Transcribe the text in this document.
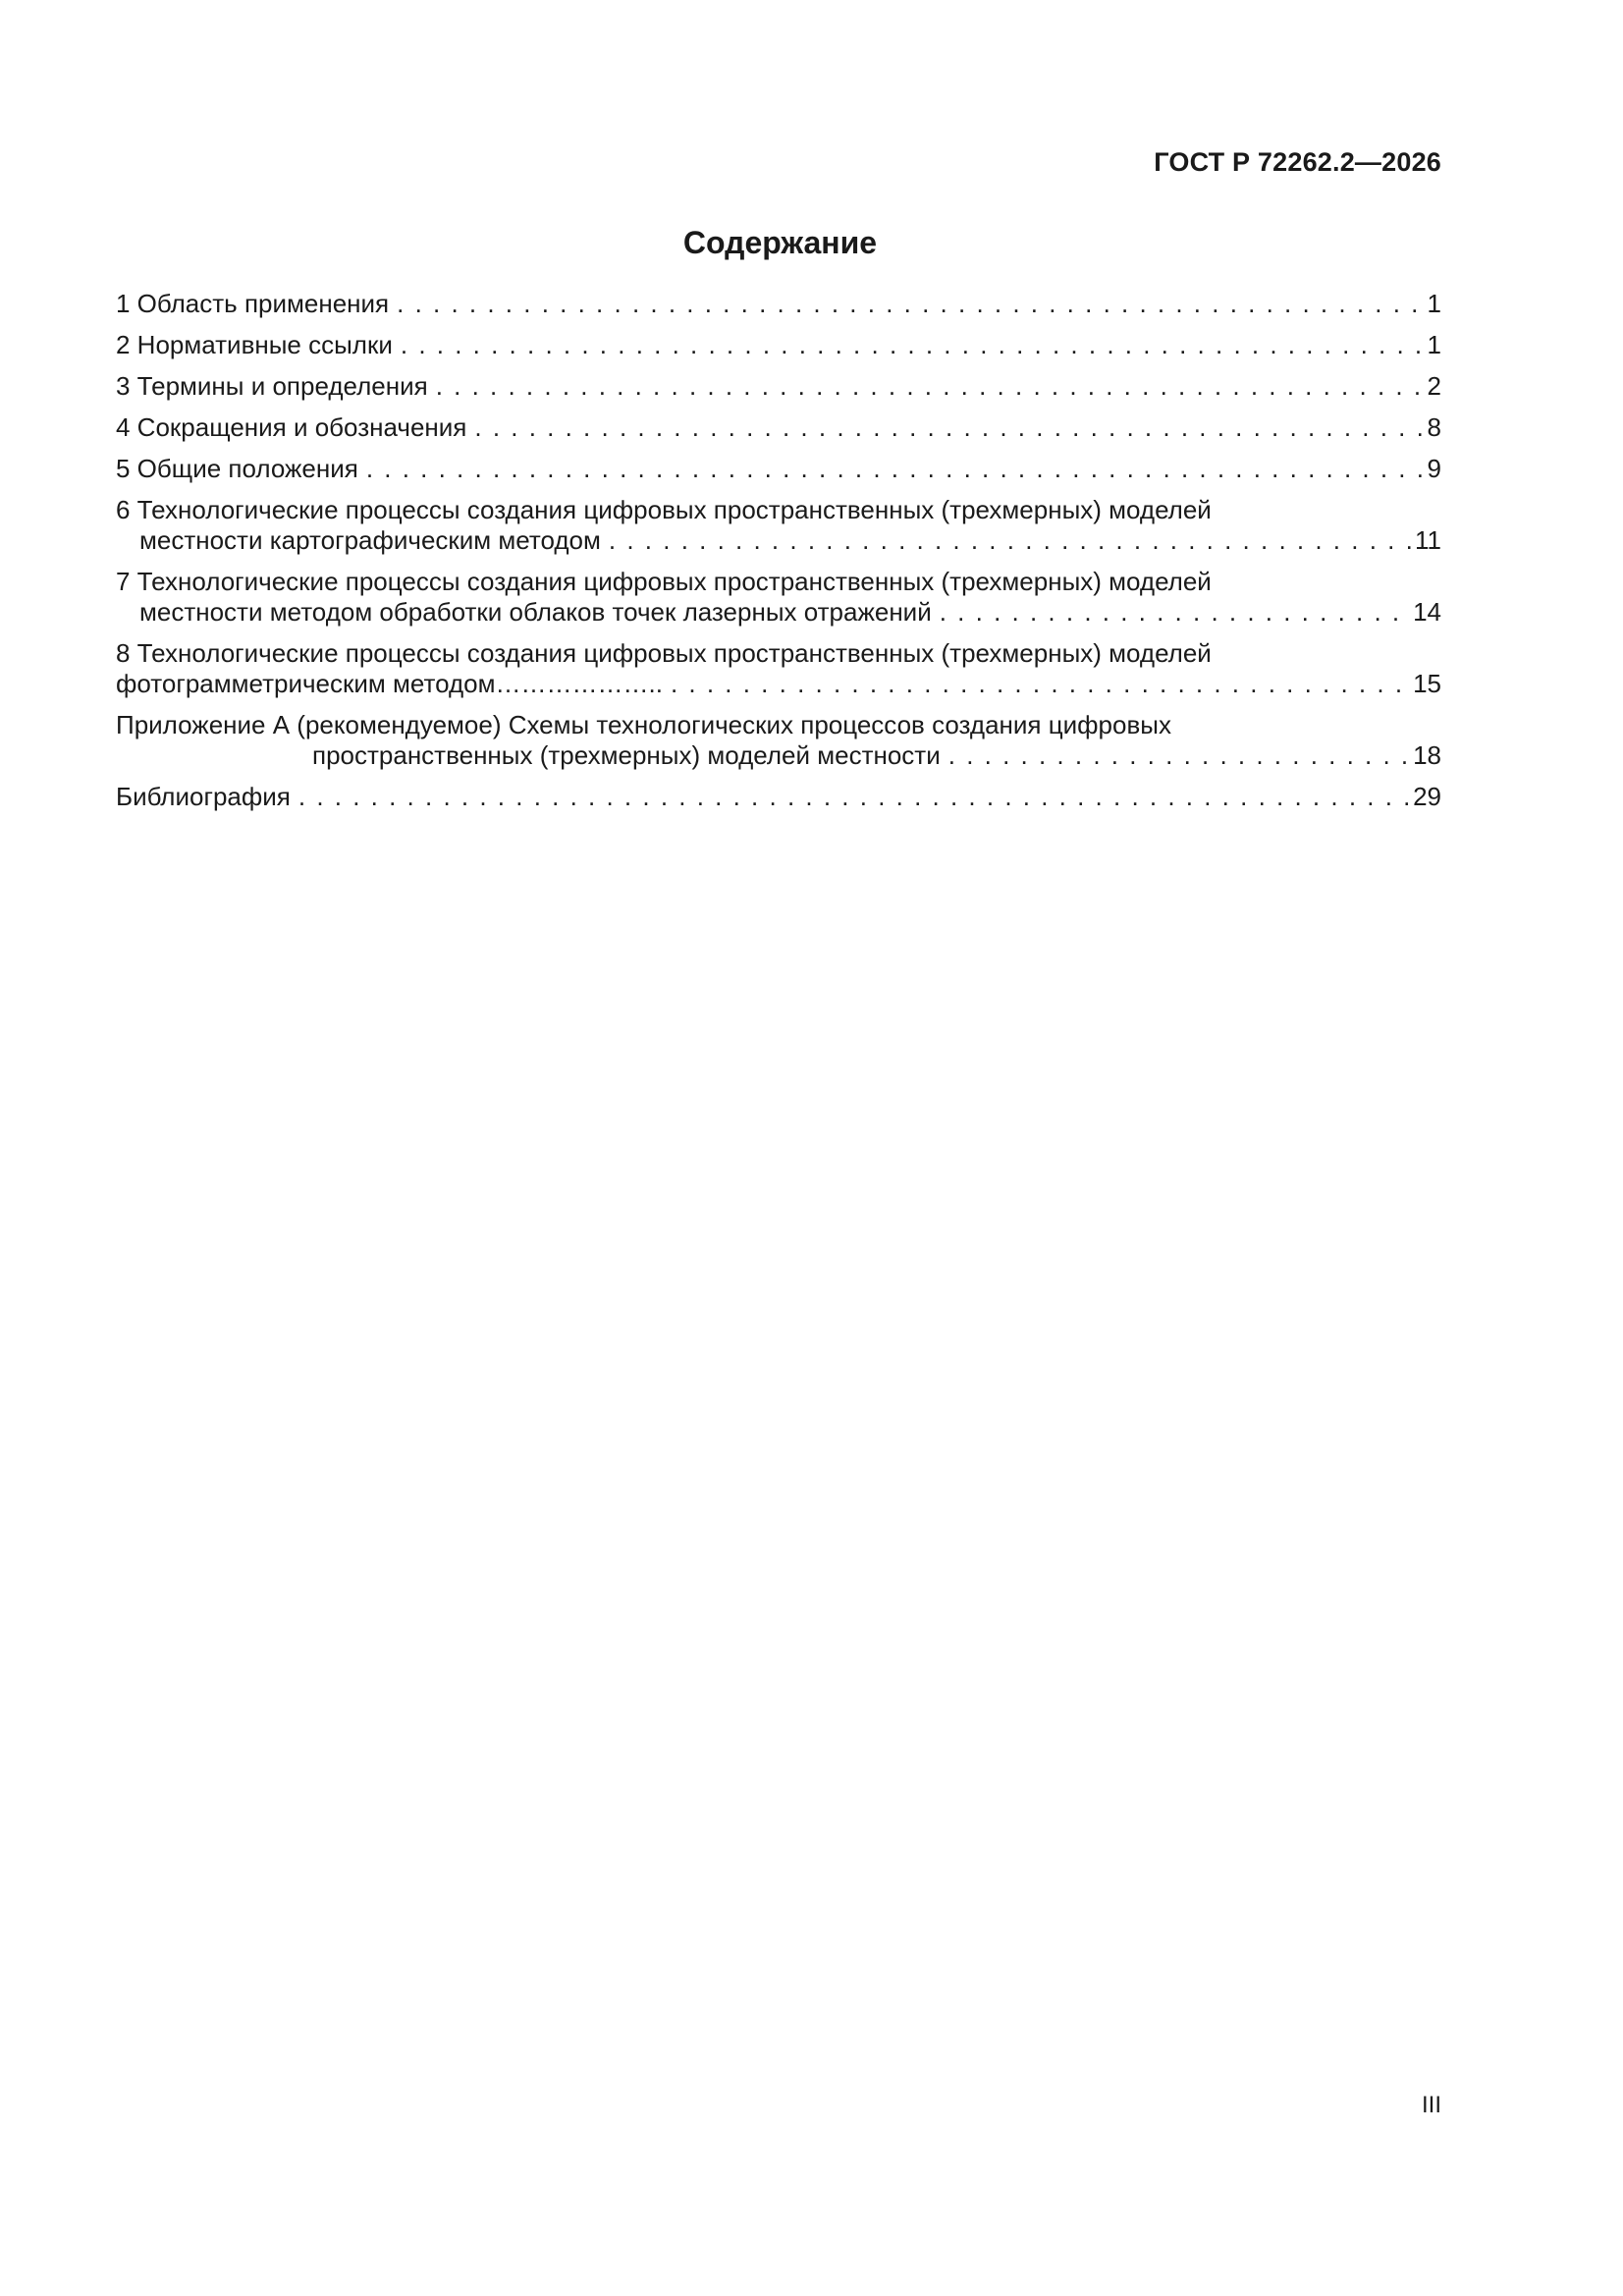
ГОСТ Р 72262.2—2026
Содержание
1 Область применения . . .	1
2 Нормативные ссылки . . .	1
3 Термины и определения . . .	2
4 Сокращения и обозначения . . .	8
5 Общие положения . . .	9
6 Технологические процессы создания цифровых пространственных (трехмерных) моделей
местности картографическим методом . . .	11
7 Технологические процессы создания цифровых пространственных (трехмерных) моделей
местности методом обработки облаков точек лазерных отражений . . .	14
8 Технологические процессы создания цифровых пространственных (трехмерных) моделей
фотограмметрическим методом……………….. . . .	15
Приложение А (рекомендуемое) Схемы технологических процессов создания цифровых
пространственных (трехмерных) моделей местности . . .	18
Библиография . . .	29
III
